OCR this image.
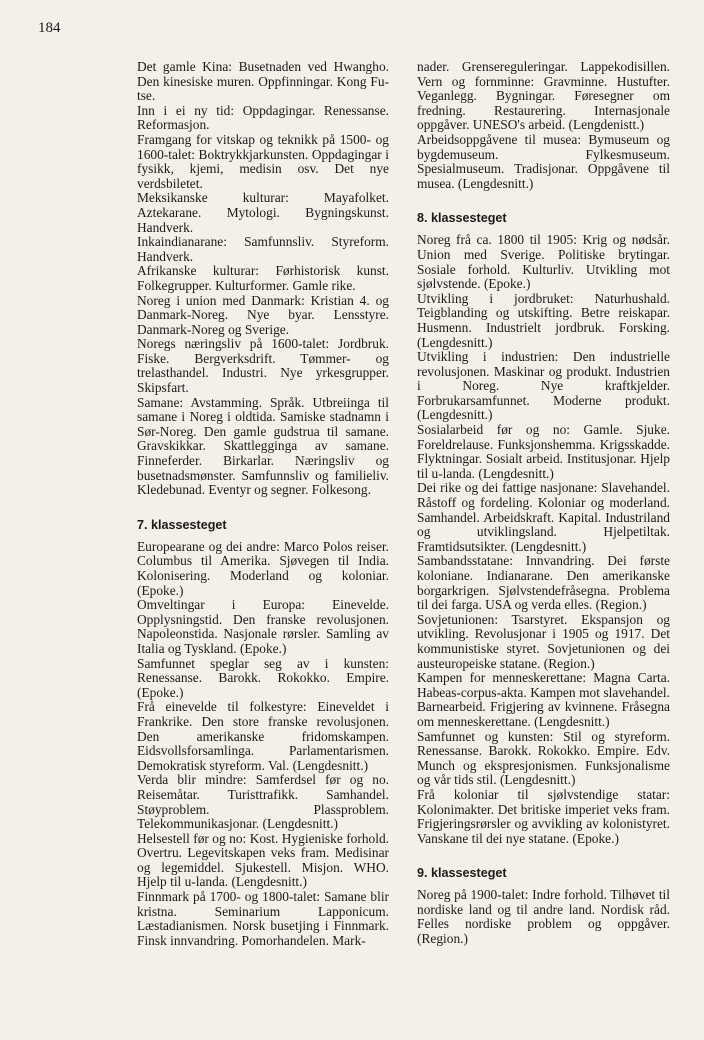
184

Det gamle Kina: Busetnaden ved Hwangho. Den kinesiske muren. Oppfinningar. Kong Fu-tse.

Inn i ei ny tid: Oppdagingar. Renessanse. Reformasjon.

Framgang for vitskap og teknikk på 1500- og 1600-talet: Boktrykkjarkunsten. Oppdagingar i fysikk, kjemi, medisin osv. Det nye verdsbiletet.

Meksikanske kulturar: Mayafolket. Aztekarane. Mytologi. Bygningskunst. Handverk.

Inkaindianarane: Samfunnsliv. Styreform. Handverk.

Afrikanske kulturar: Førhistorisk kunst. Folkegrupper. Kulturformer. Gamle rike.

Noreg i union med Danmark: Kristian 4. og Danmark-Noreg. Nye byar. Lensstyre. Danmark-Noreg og Sverige.

Noregs næringsliv på 1600-talet: Jordbruk. Fiske. Bergverksdrift. Tømmer- og trelasthandel. Industri. Nye yrkesgrupper. Skipsfart.

Samane: Avstamming. Språk. Utbreiinga til samane i Noreg i oldtida. Samiske stadnamn i Sør-Noreg. Den gamle gudstrua til samane. Gravskikkar. Skattlegginga av samane. Finneferder. Birkarlar. Næringsliv og busetnadsmønster. Samfunnsliv og familieliv. Kledebunad. Eventyr og segner. Folkesong.

7. klassesteget

Europearane og dei andre: Marco Polos reiser. Columbus til Amerika. Sjøvegen til India. Kolonisering. Moderland og koloniar. (Epoke.)

Omveltingar i Europa: Einevelde. Opplysningstid. Den franske revolusjonen. Napoleonstida. Nasjonale rørsler. Samling av Italia og Tyskland. (Epoke.)

Samfunnet speglar seg av i kunsten: Renessanse. Barokk. Rokokko. Empire. (Epoke.)

Frå einevelde til folkestyre: Eineveldet i Frankrike. Den store franske revolusjonen. Den amerikanske fridomskampen. Eidsvollsforsamlinga. Parlamentarismen. Demokratisk styreform. Val. (Lengdesnitt.)

Verda blir mindre: Samferdsel før og no. Reisemåtar. Turisttrafikk. Samhandel. Støyproblem. Plassproblem. Telekommunikasjonar. (Lengdesnitt.)

Helsestell før og no: Kost. Hygieniske forhold. Overtru. Legevitskapen veks fram. Medisinar og legemiddel. Sjukestell. Misjon. WHO. Hjelp til u-landa. (Lengdesnitt.)

Finnmark på 1700- og 1800-talet: Samane blir kristna. Seminarium Lapponicum. Læstadianismen. Norsk busetjing i Finnmark. Finsk innvandring. Pomorhandelen. Mark-

nader. Grensereguleringar. Lappekodisillen. Vern og fornminne: Gravminne. Hustufter. Veganlegg. Bygningar. Føresegner om fredning. Restaurering. Internasjonale oppgåver. UNESO's arbeid. (Lengdenistt.)

Arbeidsoppgåvene til musea: Bymuseum og bygdemuseum. Fylkesmuseum. Spesialmuseum. Tradisjonar. Oppgåvene til musea. (Lengdesnitt.)

8. klassesteget

Noreg frå ca. 1800 til 1905: Krig og nødsår. Union med Sverige. Politiske brytingar. Sosiale forhold. Kulturliv. Utvikling mot sjølvstende. (Epoke.)

Utvikling i jordbruket: Naturhushald. Teigblanding og utskifting. Betre reiskapar. Husmenn. Industrielt jordbruk. Forsking. (Lengdesnitt.)

Utvikling i industrien: Den industrielle revolusjonen. Maskinar og produkt. Industrien i Noreg. Nye kraftkjelder. Forbrukarsamfunnet. Moderne produkt. (Lengdesnitt.)

Sosialarbeid før og no: Gamle. Sjuke. Foreldrelause. Funksjonshemma. Krigsskadde. Flyktningar. Sosialt arbeid. Institusjonar. Hjelp til u-landa. (Lengdesnitt.)

Dei rike og dei fattige nasjonane: Slavehandel. Råstoff og fordeling. Koloniar og moderland. Samhandel. Arbeidskraft. Kapital. Industriland og utviklingsland. Hjelpetiltak. Framtidsutsikter. (Lengdesnitt.)

Sambandsstatane: Innvandring. Dei første koloniane. Indianarane. Den amerikanske borgarkrigen. Sjølvstendefråsegna. Problema til dei farga. USA og verda elles. (Region.)

Sovjetunionen: Tsarstyret. Ekspansjon og utvikling. Revolusjonar i 1905 og 1917. Det kommunistiske styret. Sovjetunionen og dei austeuropeiske statane. (Region.)

Kampen for menneskerettane: Magna Carta. Habeas-corpus-akta. Kampen mot slavehandel. Barnearbeid. Frigjering av kvinnene. Fråsegna om menneskerettane. (Lengdesnitt.)

Samfunnet og kunsten: Stil og styreform. Renessanse. Barokk. Rokokko. Empire. Edv. Munch og ekspresjonismen. Funksjonalisme og vår tids stil. (Lengdesnitt.)

Frå koloniar til sjølvstendige statar: Kolonimakter. Det britiske imperiet veks fram. Frigjeringsrørsler og avvikling av kolonistyret. Vanskane til dei nye statane. (Epoke.)

9. klassesteget

Noreg på 1900-talet: Indre forhold. Tilhøvet til nordiske land og til andre land. Nordisk råd. Felles nordiske problem og oppgåver. (Region.)
